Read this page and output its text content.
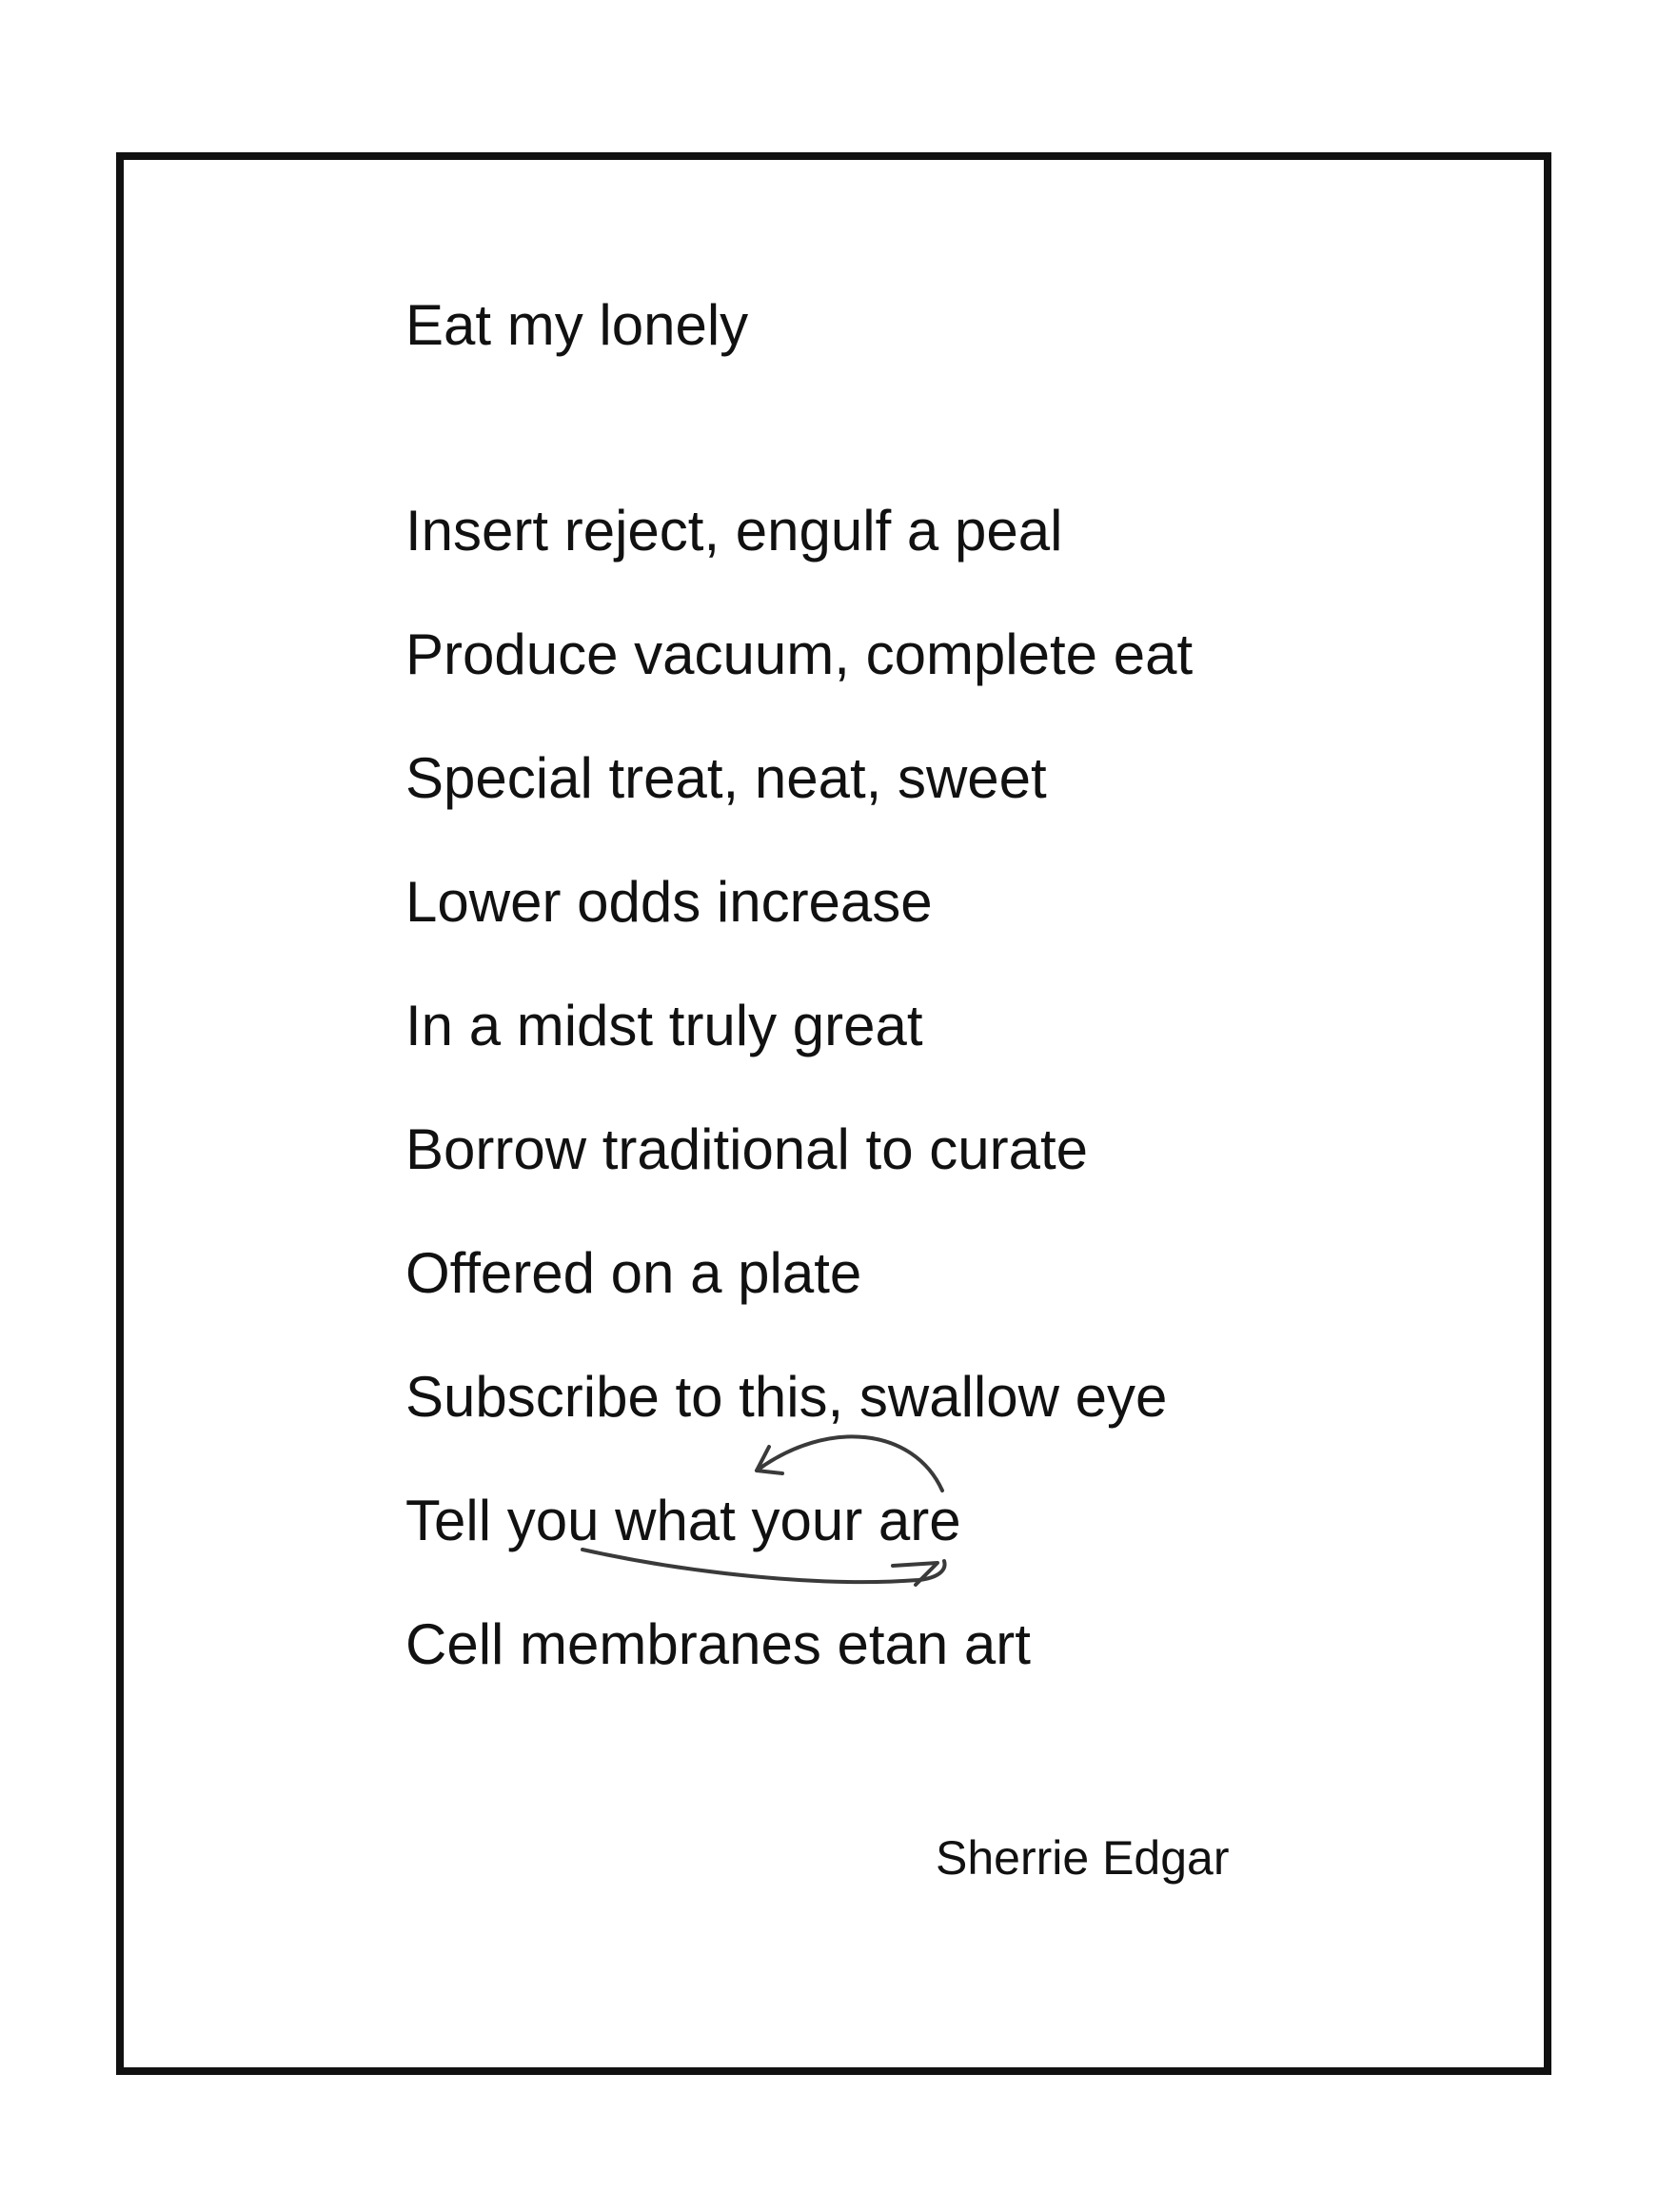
Eat my lonely
Insert reject, engulf a peal
Produce vacuum, complete eat
Special treat, neat, sweet
Lower odds increase
In a midst truly great
Borrow traditional to curate
Offered on a plate
Subscribe to this, swallow eye
Tell you what your are
Cell membranes etan art
Sherrie Edgar
